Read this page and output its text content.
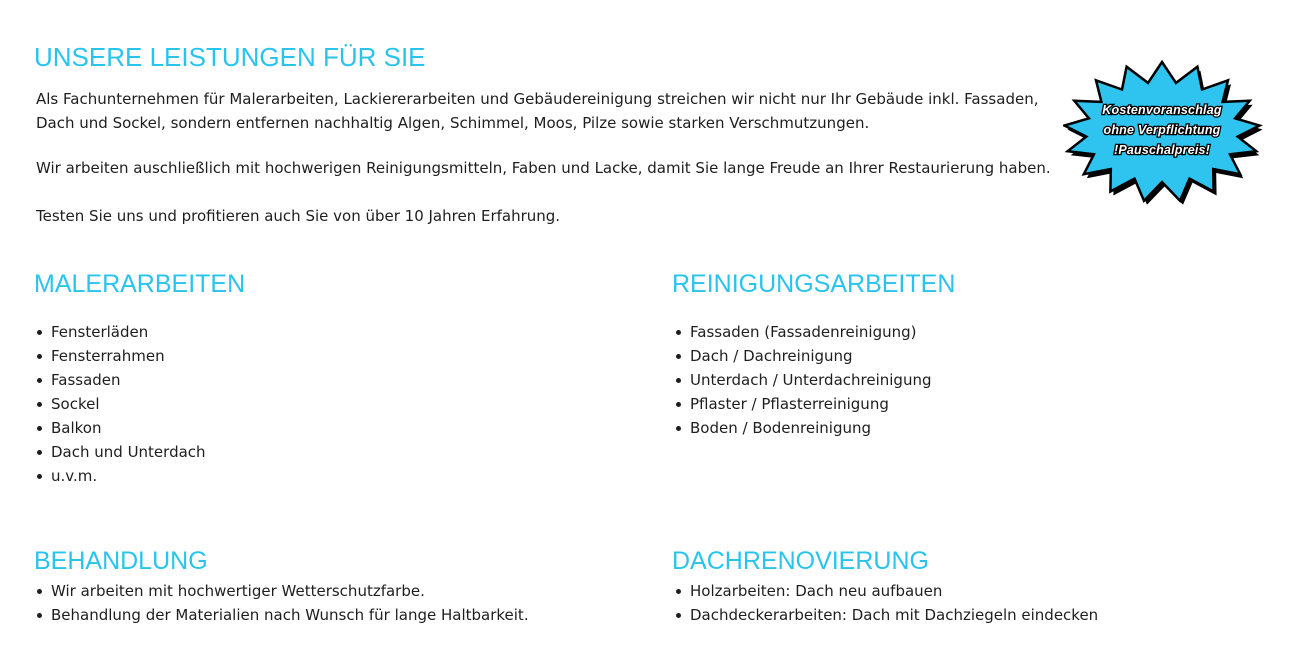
UNSERE LEISTUNGEN FÜR SIE

Als Fachunternehmen für Malerarbeiten, Lackiererarbeiten und Gebäudereinigung streichen wir nicht nur Ihr Gebäude inkl. Fassaden, Dach und Sockel, sondern entfernen nachhaltig Algen, Schimmel, Moos, Pilze sowie starken Verschmutzungen.

Wir arbeiten auschließlich mit hochwerigen Reinigungsmitteln, Faben und Lacke, damit Sie lange Freude an Ihrer Restaurierung haben.

Testen Sie uns und profitieren auch Sie von über 10 Jahren Erfahrung.

Kostenvoranschlag
ohne Verpflichtung
!Pauschalpreis!
MALERARBEITEN
Fensterläden
Fensterrahmen
Fassaden
Sockel
Balkon
Dach und Unterdach
u.v.m.
REINIGUNGSARBEITEN
Fassaden (Fassadenreinigung)
Dach / Dachreinigung
Unterdach / Unterdachreinigung
Pflaster / Pflasterreinigung
Boden / Bodenreinigung
BEHANDLUNG
Wir arbeiten mit hochwertiger Wetterschutzfarbe.
Behandlung der Materialien nach Wunsch für lange Haltbarkeit.
DACHRENOVIERUNG
Holzarbeiten: Dach neu aufbauen
Dachdeckerarbeiten: Dach mit Dachziegeln eindecken
